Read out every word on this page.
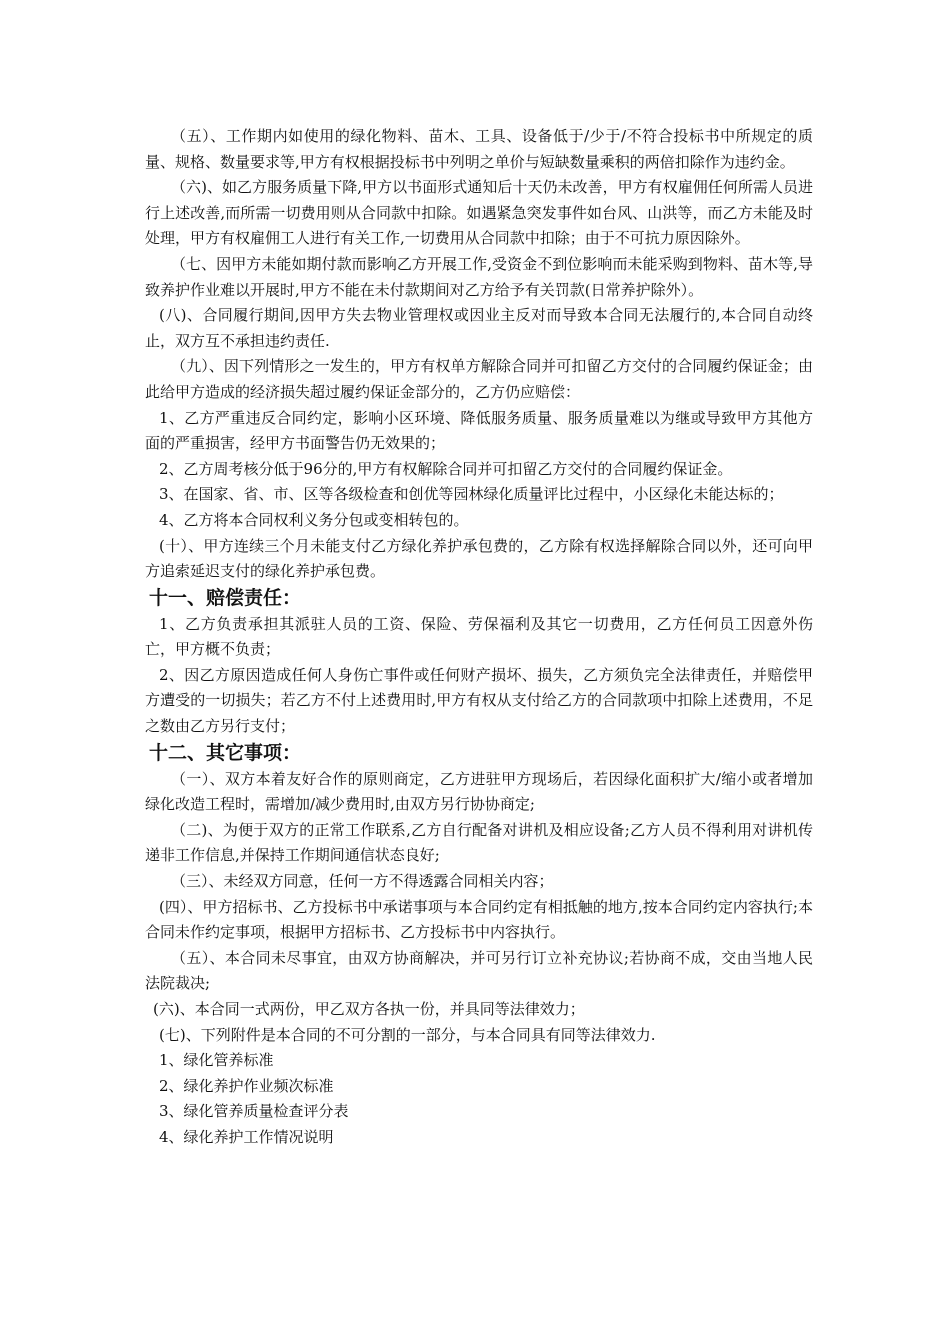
（五）、工作期内如使用的绿化物料、苗木、工具、设备低于/少于/不符合投标书中所规定的质量、规格、数量要求等,甲方有权根据投标书中列明之单价与短缺数量乘积的两倍扣除作为违约金。

（六)、如乙方服务质量下降,甲方以书面形式通知后十天仍未改善，甲方有权雇佣任何所需人员进行上述改善,而所需一切费用则从合同款中扣除。如遇紧急突发事件如台风、山洪等，而乙方未能及时处理，甲方有权雇佣工人进行有关工作,一切费用从合同款中扣除；由于不可抗力原因除外。

（七、因甲方未能如期付款而影响乙方开展工作,受资金不到位影响而未能采购到物料、苗木等,导致养护作业难以开展时,甲方不能在未付款期间对乙方给予有关罚款(日常养护除外）。

(八)、合同履行期间,因甲方失去物业管理权或因业主反对而导致本合同无法履行的,本合同自动终止，双方互不承担违约责任.

（九）、因下列情形之一发生的，甲方有权单方解除合同并可扣留乙方交付的合同履约保证金；由此给甲方造成的经济损失超过履约保证金部分的，乙方仍应赔偿：

1、乙方严重违反合同约定，影响小区环境、降低服务质量、服务质量难以为继或导致甲方其他方面的严重损害，经甲方书面警告仍无效果的；

2、乙方周考核分低于96分的,甲方有权解除合同并可扣留乙方交付的合同履约保证金。

3、在国家、省、市、区等各级检查和创优等园林绿化质量评比过程中，小区绿化未能达标的；

4、乙方将本合同权利义务分包或变相转包的。

(十）、甲方连续三个月未能支付乙方绿化养护承包费的，乙方除有权选择解除合同以外，还可向甲方追索延迟支付的绿化养护承包费。

十一、赔偿责任：

1、乙方负责承担其派驻人员的工资、保险、劳保福利及其它一切费用，乙方任何员工因意外伤亡，甲方概不负责；

2、因乙方原因造成任何人身伤亡事件或任何财产损坏、损失，乙方须负完全法律责任，并赔偿甲方遭受的一切损失；若乙方不付上述费用时,甲方有权从支付给乙方的合同款项中扣除上述费用，不足之数由乙方另行支付；

十二、其它事项：

（一）、双方本着友好合作的原则商定，乙方进驻甲方现场后，若因绿化面积扩大/缩小或者增加绿化改造工程时，需增加/减少费用时,由双方另行协协商定;

（二)、为便于双方的正常工作联系,乙方自行配备对讲机及相应设备;乙方人员不得利用对讲机传递非工作信息,并保持工作期间通信状态良好;

（三）、未经双方同意，任何一方不得透露合同相关内容；

(四）、甲方招标书、乙方投标书中承诺事项与本合同约定有相抵触的地方,按本合同约定内容执行;本合同未作约定事项，根据甲方招标书、乙方投标书中内容执行。

（五）、本合同未尽事宜，由双方协商解决，并可另行订立补充协议;若协商不成，交由当地人民法院裁决;

(六)、本合同一式两份，甲乙双方各执一份，并具同等法律效力；

(七)、下列附件是本合同的不可分割的一部分，与本合同具有同等法律效力.

1、绿化管养标准

2、绿化养护作业频次标准

3、绿化管养质量检查评分表

4、绿化养护工作情况说明
